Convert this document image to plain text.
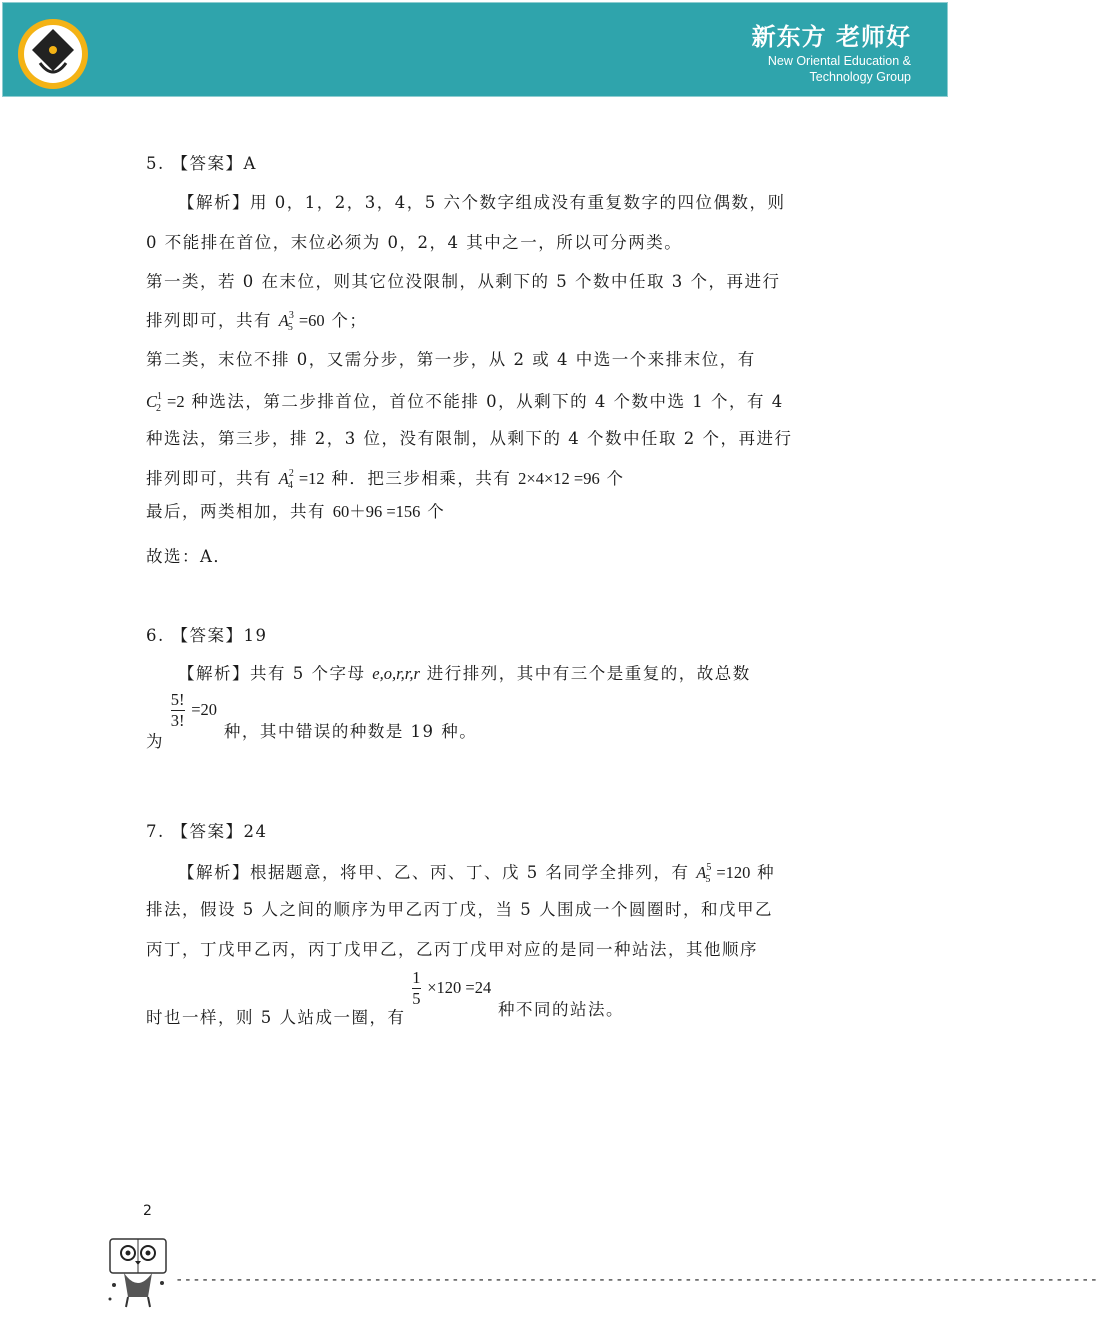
新东方 老师好
New Oriental Education &
Technology Group
5. 【答案】A
【解析】用 0，1，2，3，4，5 六个数字组成没有重复数字的四位偶数，则
0 不能排在首位，末位必须为 0，2，4 其中之一，所以可分两类。
第一类，若 0 在末位，则其它位没限制，从剩下的 5 个数中任取 3 个，再进行
排列即可，共有 $A^3_5 =60$ 个；
第二类，末位不排 0，又需分步，第一步，从 2 或 4 中选一个来排末位，有
$C^1_2 =2$ 种选法，第二步排首位，首位不能排 0，从剩下的 4 个数中选 1 个，有 4
种选法，第三步，排 2，3 位，没有限制，从剩下的 4 个数中任取 2 个，再进行
排列即可，共有 $A^2_4 =12$ 种．把三步相乘，共有 2×4×12 =96 个
最后，两类相加，共有 60＋96 =156 个
故选：A．
6. 【答案】19
【解析】共有 5 个字母 e,o,r,r,r 进行排列，其中有三个是重复的，故总数
为
$\frac{5!}{3!} =20$ 种，其中错误的种数是 19 种。
7. 【答案】24
【解析】根据题意，将甲、乙、丙、丁、戊 5 名同学全排列，有 $A^5_5 =120$ 种
排法，假设 5 人之间的顺序为甲乙丙丁戊，当 5 人围成一个圆圈时，和戊甲乙
丙丁，丁戊甲乙丙，丙丁戊甲乙，乙丙丁戊甲对应的是同一种站法，其他顺序
时也一样，则 5 人站成一圈，有
$\frac{1}{5} \times 120 =24$ 种不同的站法。
2
-----------------------------------------------------------------------------------------------------------
